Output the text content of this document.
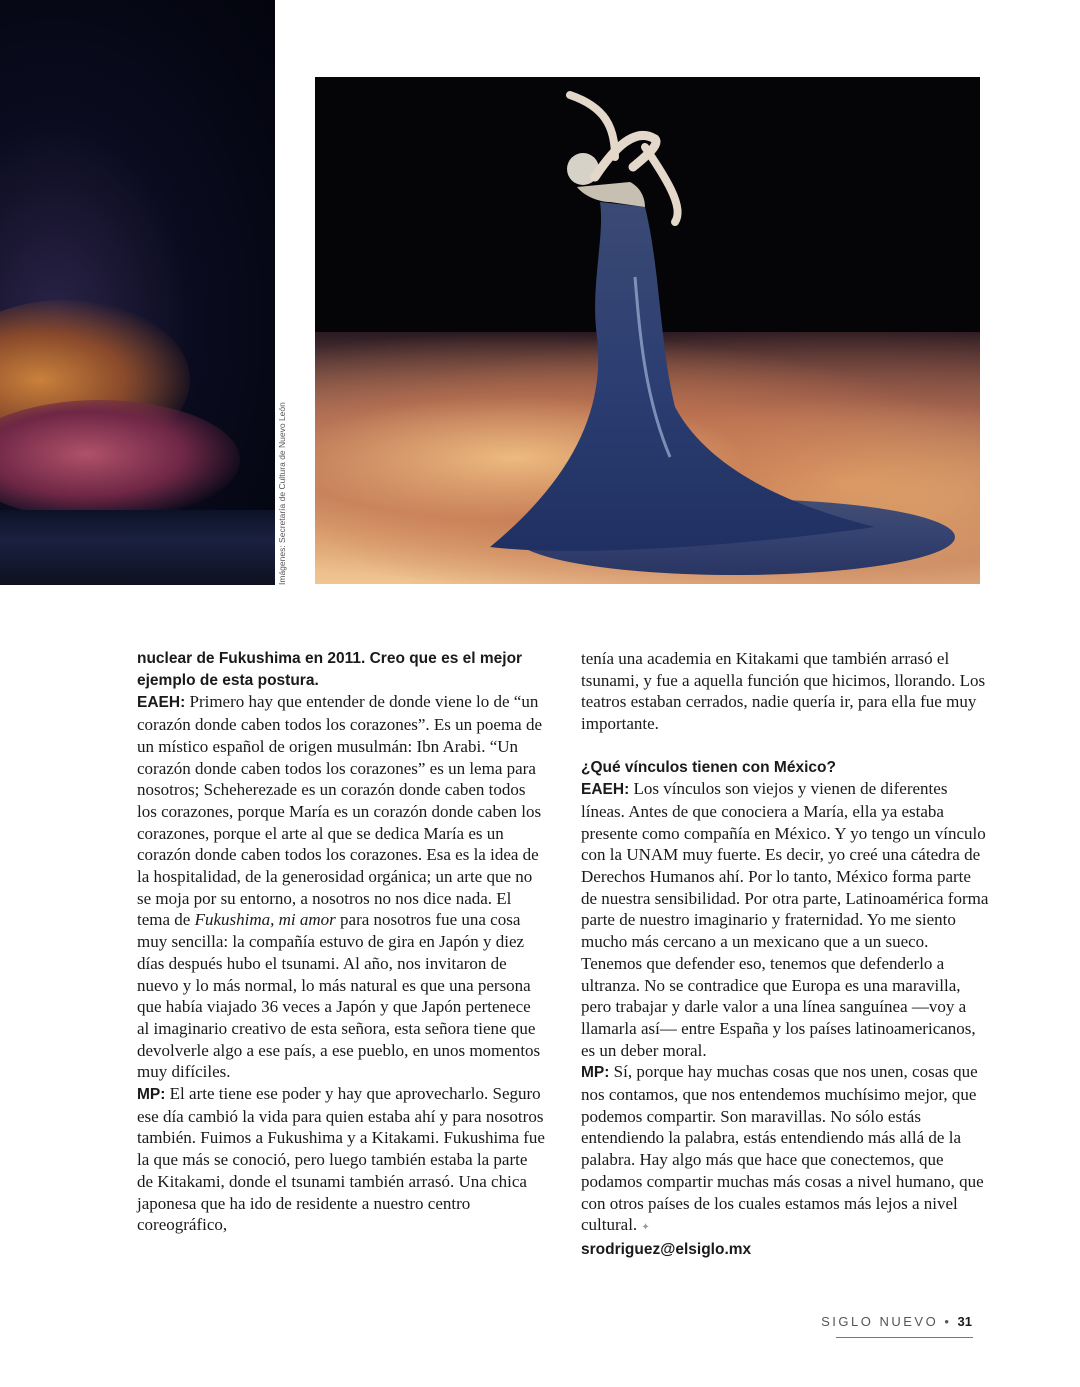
Imágenes: Secretaría de Cultura de Nuevo León

nuclear de Fukushima en 2011. Creo que es el mejor ejemplo de esta postura.

EAEH: Primero hay que entender de donde viene lo de “un corazón donde caben todos los corazones”. Es un poema de un místico español de origen musulmán: Ibn Arabi. “Un corazón donde caben todos los corazones” es un lema para nosotros; Scheherezade es un corazón donde caben todos los corazones, porque María es un corazón donde caben los corazones, porque el arte al que se dedica María es un corazón donde caben todos los corazones. Esa es la idea de la hospitalidad, de la generosidad orgánica; un arte que no se moja por su entorno, a nosotros no nos dice nada. El tema de Fukushima, mi amor para nosotros fue una cosa muy sencilla: la compañía estuvo de gira en Japón y diez días después hubo el tsunami. Al año, nos invitaron de nuevo y lo más normal, lo más natural es que una persona que había viajado 36 veces a Japón y que Japón pertenece al imaginario creativo de esta señora, esta señora tiene que devolverle algo a ese país, a ese pueblo, en unos momentos muy difíciles.

MP: El arte tiene ese poder y hay que aprovecharlo. Seguro ese día cambió la vida para quien estaba ahí y para nosotros también. Fuimos a Fukushima y a Kitakami. Fukushima fue la que más se conoció, pero luego también estaba la parte de Kitakami, donde el tsunami también arrasó. Una chica japonesa que ha ido de residente a nuestro centro coreográfico,

tenía una academia en Kitakami que también arrasó el tsunami, y fue a aquella función que hicimos, llorando. Los teatros estaban cerrados, nadie quería ir, para ella fue muy importante.

¿Qué vínculos tienen con México?

EAEH: Los vínculos son viejos y vienen de diferentes líneas. Antes de que conociera a María, ella ya estaba presente como compañía en México. Y yo tengo un vínculo con la UNAM muy fuerte. Es decir, yo creé una cátedra de Derechos Humanos ahí. Por lo tanto, México forma parte de nuestra sensibilidad. Por otra parte, Latinoamérica forma parte de nuestro imaginario y fraternidad. Yo me siento mucho más cercano a un mexicano que a un sueco. Tenemos que defender eso, tenemos que defenderlo a ultranza. No se contradice que Europa es una maravilla, pero trabajar y darle valor a una línea sanguínea —voy a llamarla así— entre España y los países latinoamericanos, es un deber moral.

MP: Sí, porque hay muchas cosas que nos unen, cosas que nos contamos, que nos entendemos muchísimo mejor, que podemos compartir. Son maravillas. No sólo estás entendiendo la palabra, estás entendiendo más allá de la palabra. Hay algo más que hace que conectemos, que podamos compartir muchas más cosas a nivel humano, que con otros países de los cuales estamos más lejos a nivel cultural. ✦

srodriguez@elsiglo.mx

SIGLO NUEVO • 31
